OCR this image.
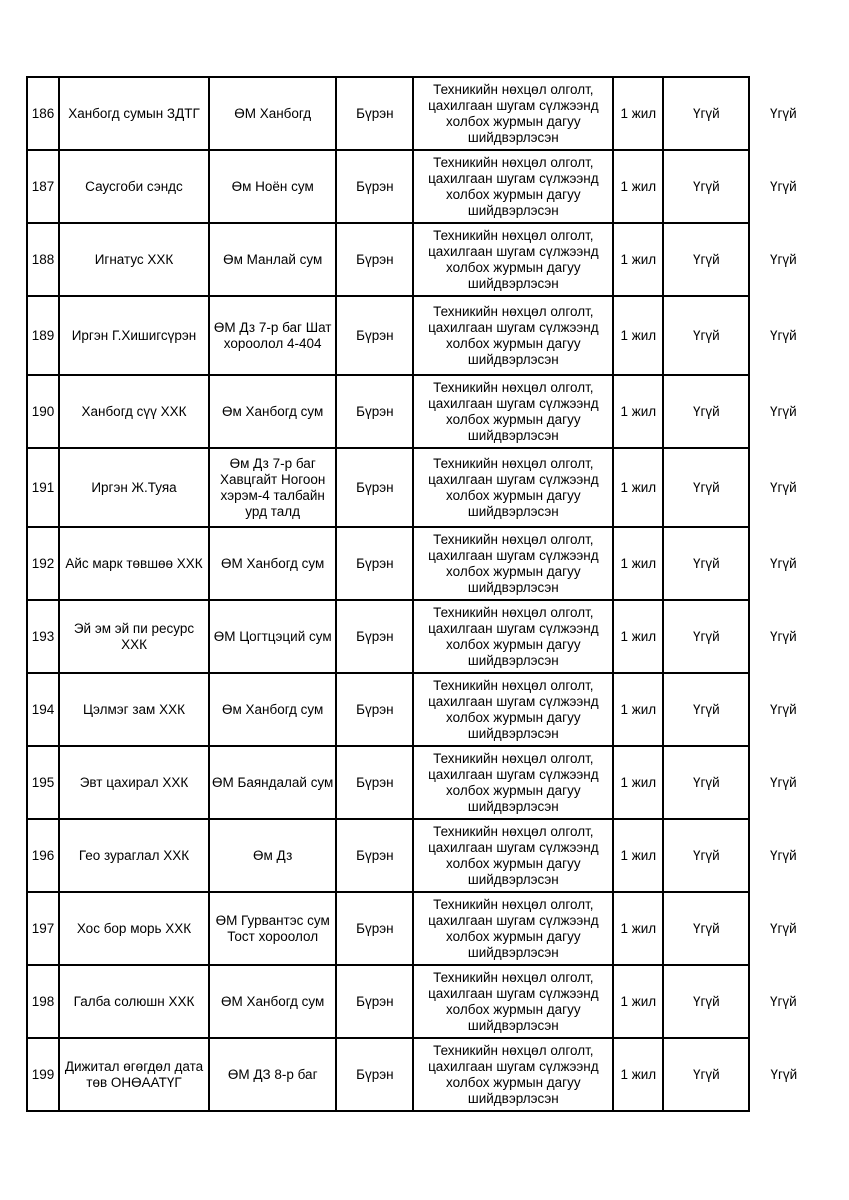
186	Ханбогд сумын ЗДТГ	ӨМ Ханбогд	Бүрэн	Техникийн нөхцөл олголт, цахилгаан шугам сүлжээнд холбох журмын дагуу шийдвэрлэсэн	1 жил	Үгүй	Үгүй
187	Саусгоби сэндс	Өм Ноён сум	Бүрэн	Техникийн нөхцөл олголт, цахилгаан шугам сүлжээнд холбох журмын дагуу шийдвэрлэсэн	1 жил	Үгүй	Үгүй
188	Игнатус ХХК	Өм Манлай сум	Бүрэн	Техникийн нөхцөл олголт, цахилгаан шугам сүлжээнд холбох журмын дагуу шийдвэрлэсэн	1 жил	Үгүй	Үгүй
189	Иргэн Г.Хишигсүрэн	ӨМ Дз 7-р баг Шат хороолол 4-404	Бүрэн	Техникийн нөхцөл олголт, цахилгаан шугам сүлжээнд холбох журмын дагуу шийдвэрлэсэн	1 жил	Үгүй	Үгүй
190	Ханбогд сүү ХХК	Өм Ханбогд сум	Бүрэн	Техникийн нөхцөл олголт, цахилгаан шугам сүлжээнд холбох журмын дагуу шийдвэрлэсэн	1 жил	Үгүй	Үгүй
191	Иргэн Ж.Туяа	Өм Дз 7-р баг Хавцгайт Ногоон хэрэм-4 талбайн урд талд	Бүрэн	Техникийн нөхцөл олголт, цахилгаан шугам сүлжээнд холбох журмын дагуу шийдвэрлэсэн	1 жил	Үгүй	Үгүй
192	Айс марк төвшөө ХХК	ӨМ Ханбогд сум	Бүрэн	Техникийн нөхцөл олголт, цахилгаан шугам сүлжээнд холбох журмын дагуу шийдвэрлэсэн	1 жил	Үгүй	Үгүй
193	Эй эм эй пи ресурс ХХК	ӨМ Цогтцэций сум	Бүрэн	Техникийн нөхцөл олголт, цахилгаан шугам сүлжээнд холбох журмын дагуу шийдвэрлэсэн	1 жил	Үгүй	Үгүй
194	Цэлмэг зам ХХК	Өм Ханбогд сум	Бүрэн	Техникийн нөхцөл олголт, цахилгаан шугам сүлжээнд холбох журмын дагуу шийдвэрлэсэн	1 жил	Үгүй	Үгүй
195	Эвт цахирал ХХК	ӨМ Баяндалай сум	Бүрэн	Техникийн нөхцөл олголт, цахилгаан шугам сүлжээнд холбох журмын дагуу шийдвэрлэсэн	1 жил	Үгүй	Үгүй
196	Гео зураглал ХХК	Өм Дз	Бүрэн	Техникийн нөхцөл олголт, цахилгаан шугам сүлжээнд холбох журмын дагуу шийдвэрлэсэн	1 жил	Үгүй	Үгүй
197	Хос бор морь ХХК	ӨМ Гурвантэс сум Тост хороолол	Бүрэн	Техникийн нөхцөл олголт, цахилгаан шугам сүлжээнд холбох журмын дагуу шийдвэрлэсэн	1 жил	Үгүй	Үгүй
198	Галба солюшн ХХК	ӨМ Ханбогд сум	Бүрэн	Техникийн нөхцөл олголт, цахилгаан шугам сүлжээнд холбох журмын дагуу шийдвэрлэсэн	1 жил	Үгүй	Үгүй
199	Дижитал өгөгдөл дата төв ОНӨААТҮГ	ӨМ ДЗ 8-р баг	Бүрэн	Техникийн нөхцөл олголт, цахилгаан шугам сүлжээнд холбох журмын дагуу шийдвэрлэсэн	1 жил	Үгүй	Үгүй
